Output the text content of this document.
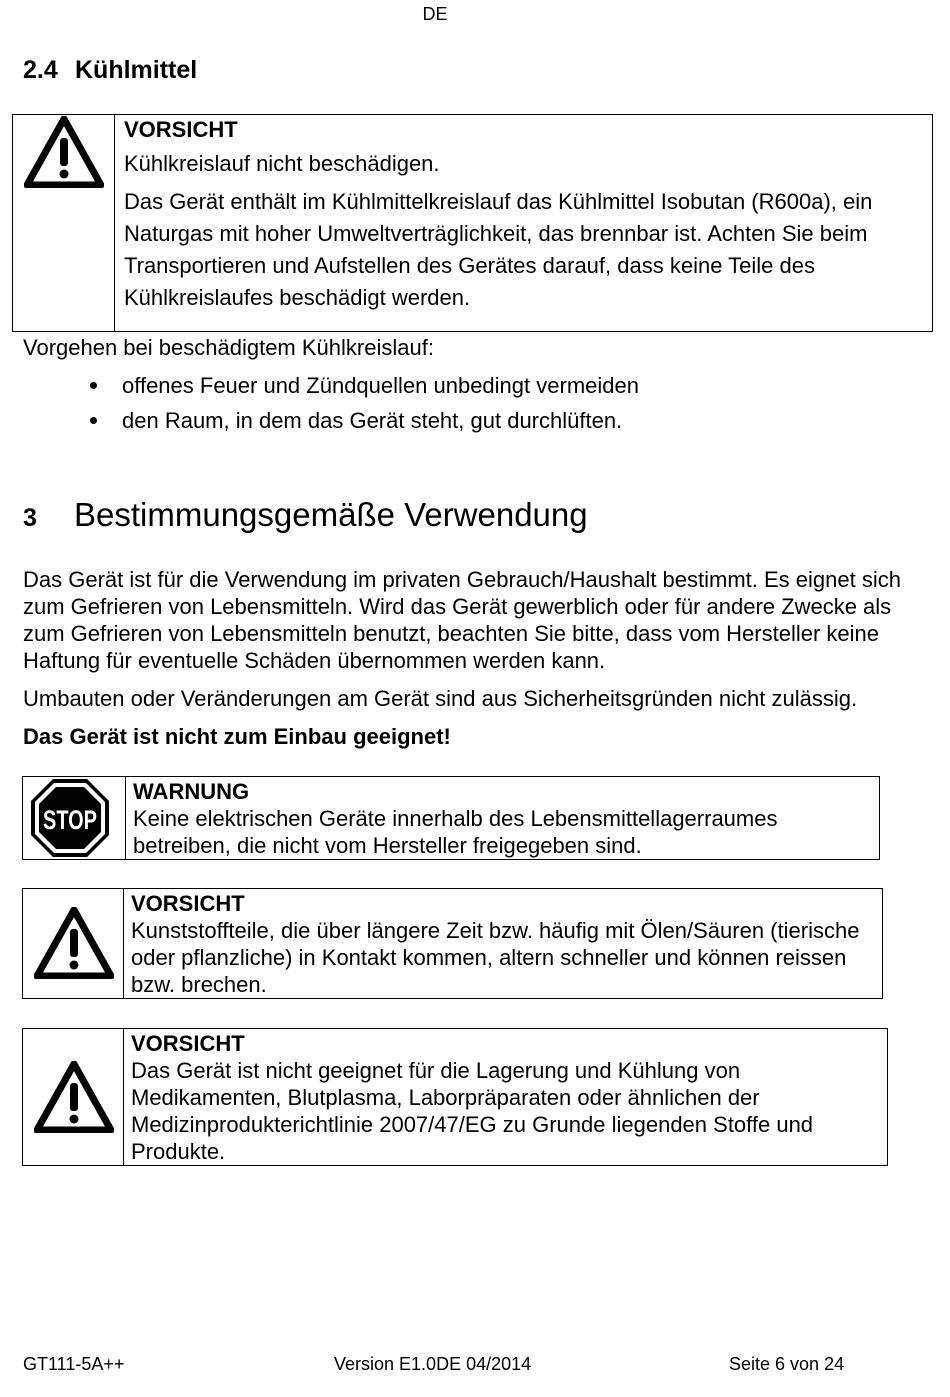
DE
2.4 Kühlmittel
VORSICHT
Kühlkreislauf nicht beschädigen.
Das Gerät enthält im Kühlmittelkreislauf das Kühlmittel Isobutan (R600a), ein Naturgas mit hoher Umweltverträglichkeit, das brennbar ist. Achten Sie beim Transportieren und Aufstellen des Gerätes darauf, dass keine Teile des Kühlkreislaufes beschädigt werden.
Vorgehen bei beschädigtem Kühlkreislauf:
offenes Feuer und Zündquellen unbedingt vermeiden
den Raum, in dem das Gerät steht, gut durchlüften.
3 Bestimmungsgemäße Verwendung
Das Gerät ist für die Verwendung im privaten Gebrauch/Haushalt bestimmt. Es eignet sich zum Gefrieren von Lebensmitteln. Wird das Gerät gewerblich oder für andere Zwecke als zum Gefrieren von Lebensmitteln benutzt, beachten Sie bitte, dass vom Hersteller keine Haftung für eventuelle Schäden übernommen werden kann.
Umbauten oder Veränderungen am Gerät sind aus Sicherheitsgründen nicht zulässig.
Das Gerät ist nicht zum Einbau geeignet!
STOP
WARNUNG
Keine elektrischen Geräte innerhalb des Lebensmittellagerraumes betreiben, die nicht vom Hersteller freigegeben sind.
VORSICHT
Kunststoffteile, die über längere Zeit bzw. häufig mit Ölen/Säuren (tierische oder pflanzliche) in Kontakt kommen, altern schneller und können reissen bzw. brechen.
VORSICHT
Das Gerät ist nicht geeignet für die Lagerung und Kühlung von Medikamenten, Blutplasma, Laborpräparaten oder ähnlichen der Medizinprodukterichtlinie 2007/47/EG zu Grunde liegenden Stoffe und Produkte.
GT111-5A++	Version E1.0DE 04/2014	Seite 6 von 24
